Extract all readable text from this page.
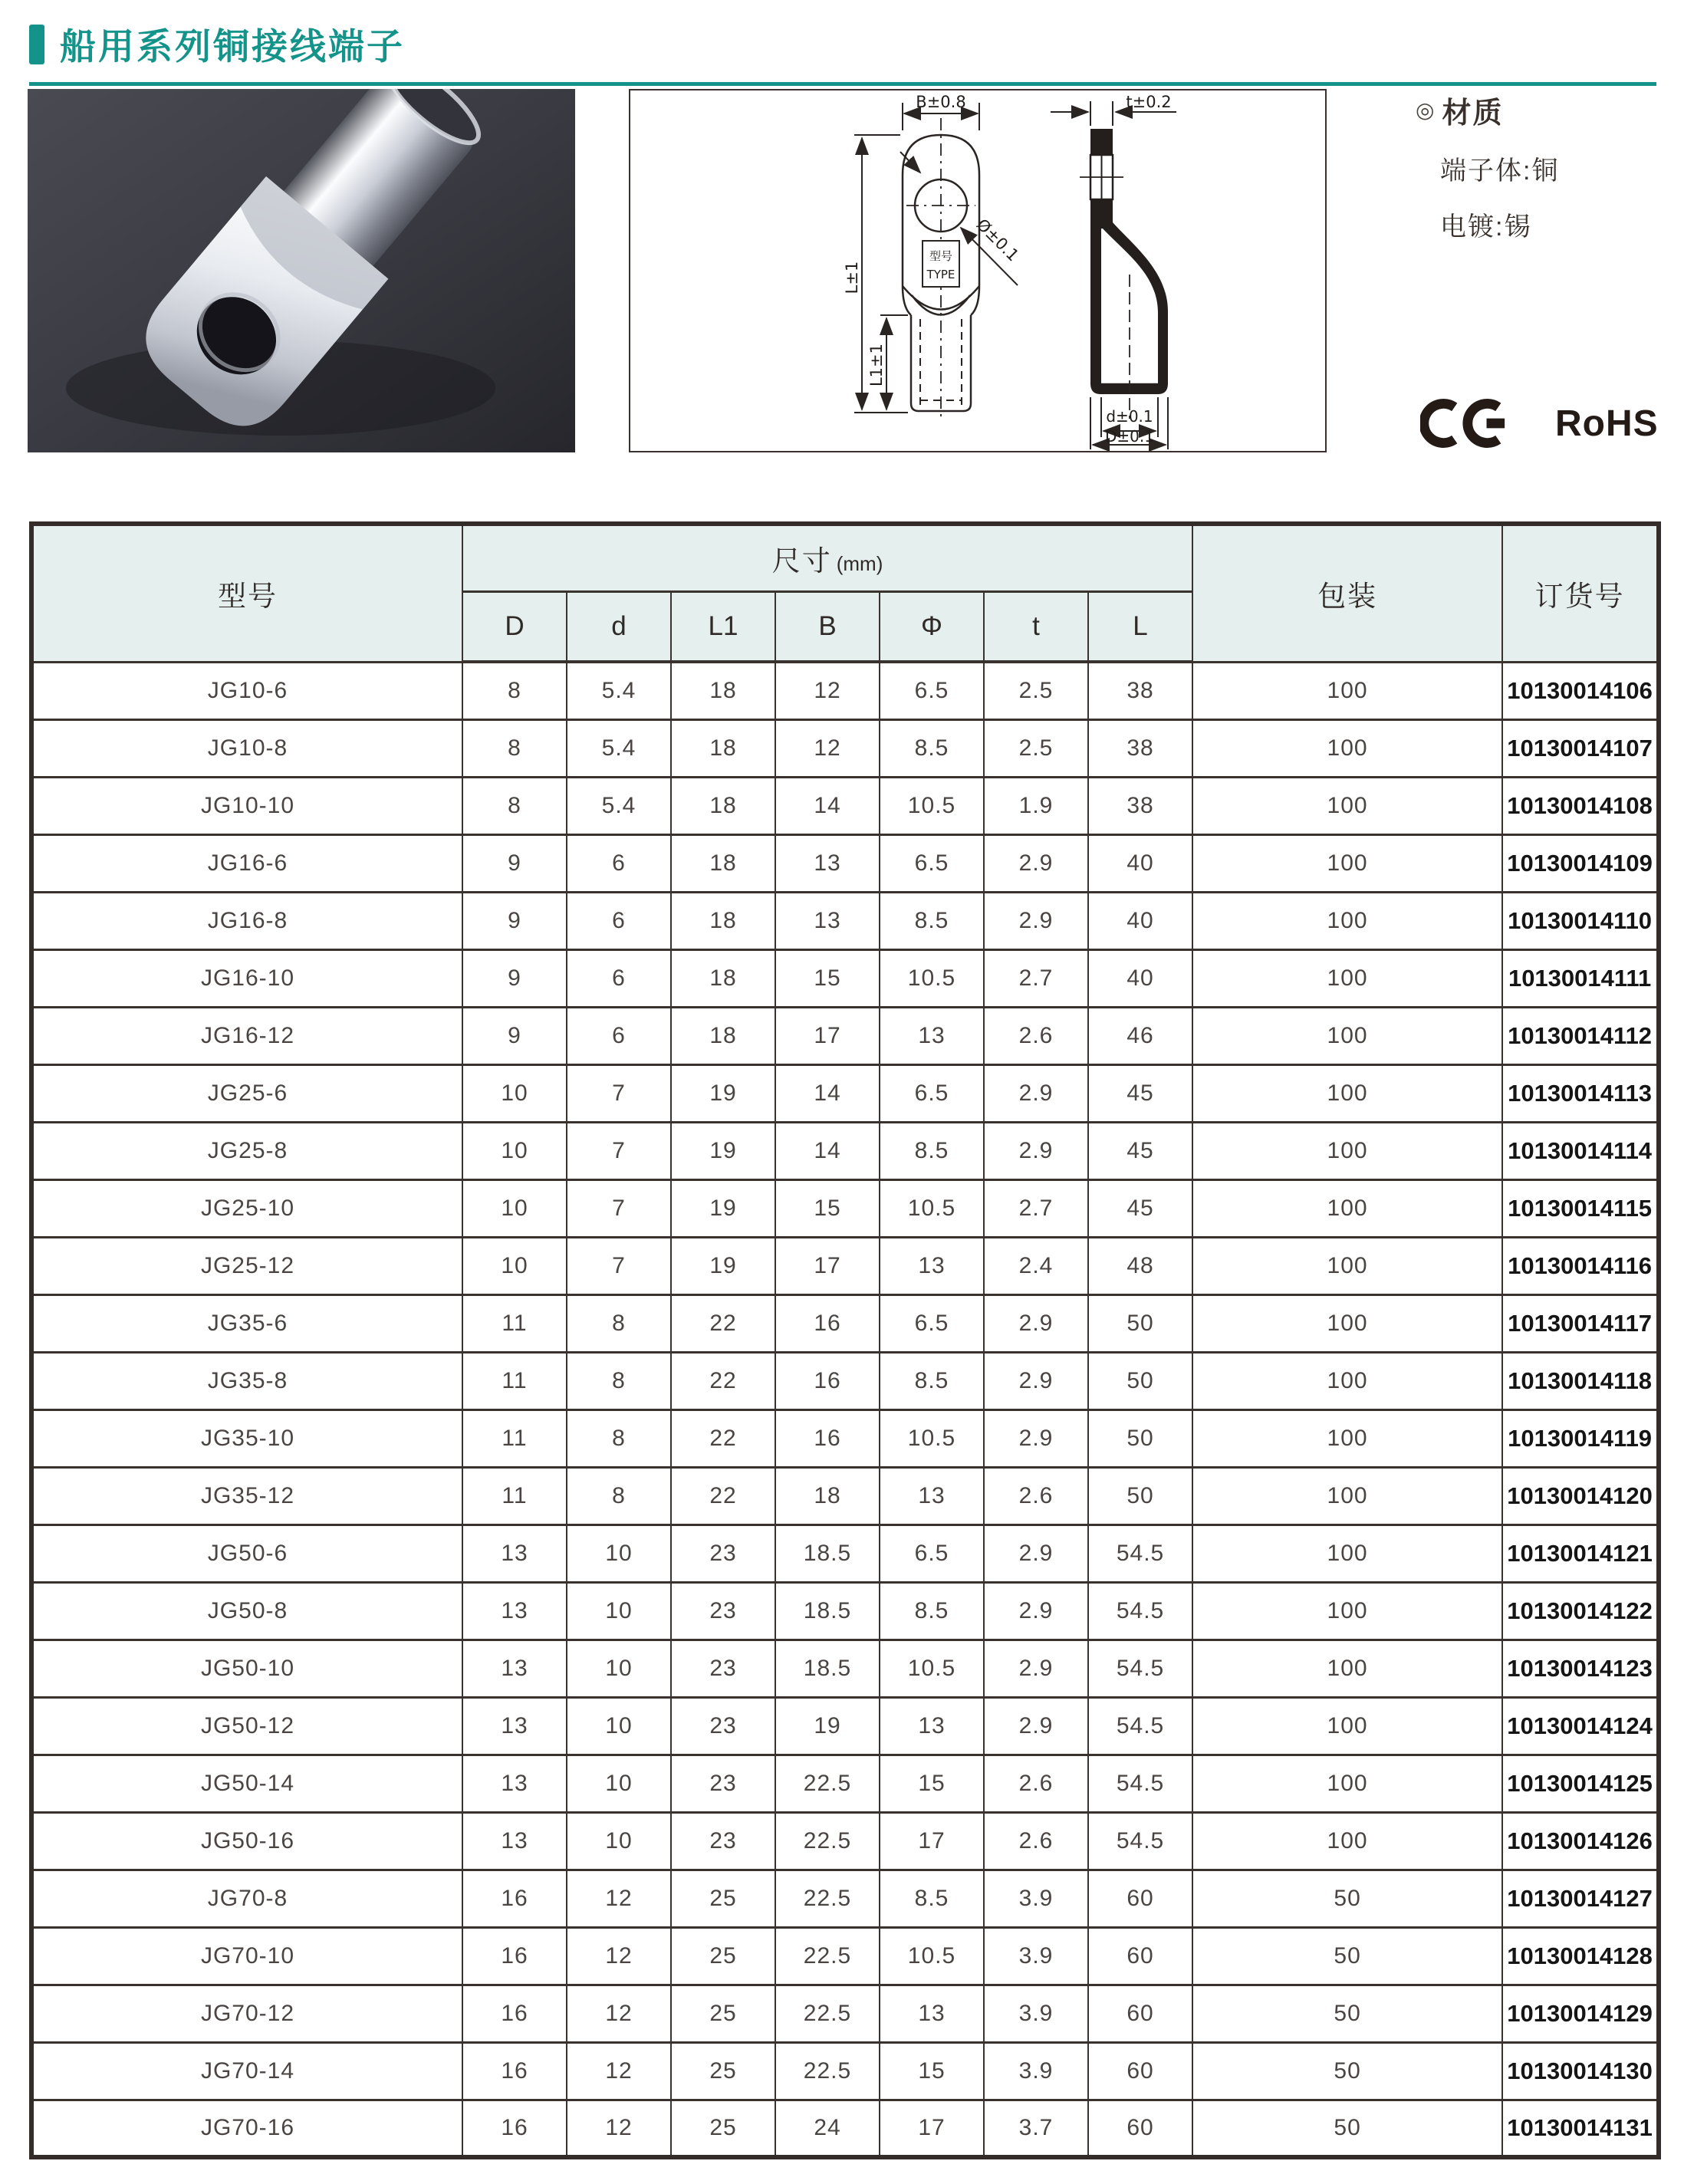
船用系列铜接线端子
B±0.8
L±1
L1±1
Ø±0.1
t±0.2
d±0.1
D±0.1
型号
TYPE
◎ 材质
端子体:铜
电镀:锡
RoHS
型号	尺寸 (mm)							包装	订货号
	D	d	L1	B	Φ	t	L		
JG10-6	8	5.4	18	12	6.5	2.5	38	100	10130014106
JG10-8	8	5.4	18	12	8.5	2.5	38	100	10130014107
JG10-10	8	5.4	18	14	10.5	1.9	38	100	10130014108
JG16-6	9	6	18	13	6.5	2.9	40	100	10130014109
JG16-8	9	6	18	13	8.5	2.9	40	100	10130014110
JG16-10	9	6	18	15	10.5	2.7	40	100	10130014111
JG16-12	9	6	18	17	13	2.6	46	100	10130014112
JG25-6	10	7	19	14	6.5	2.9	45	100	10130014113
JG25-8	10	7	19	14	8.5	2.9	45	100	10130014114
JG25-10	10	7	19	15	10.5	2.7	45	100	10130014115
JG25-12	10	7	19	17	13	2.4	48	100	10130014116
JG35-6	11	8	22	16	6.5	2.9	50	100	10130014117
JG35-8	11	8	22	16	8.5	2.9	50	100	10130014118
JG35-10	11	8	22	16	10.5	2.9	50	100	10130014119
JG35-12	11	8	22	18	13	2.6	50	100	10130014120
JG50-6	13	10	23	18.5	6.5	2.9	54.5	100	10130014121
JG50-8	13	10	23	18.5	8.5	2.9	54.5	100	10130014122
JG50-10	13	10	23	18.5	10.5	2.9	54.5	100	10130014123
JG50-12	13	10	23	19	13	2.9	54.5	100	10130014124
JG50-14	13	10	23	22.5	15	2.6	54.5	100	10130014125
JG50-16	13	10	23	22.5	17	2.6	54.5	100	10130014126
JG70-8	16	12	25	22.5	8.5	3.9	60	50	10130014127
JG70-10	16	12	25	22.5	10.5	3.9	60	50	10130014128
JG70-12	16	12	25	22.5	13	3.9	60	50	10130014129
JG70-14	16	12	25	22.5	15	3.9	60	50	10130014130
JG70-16	16	12	25	24	17	3.7	60	50	10130014131
